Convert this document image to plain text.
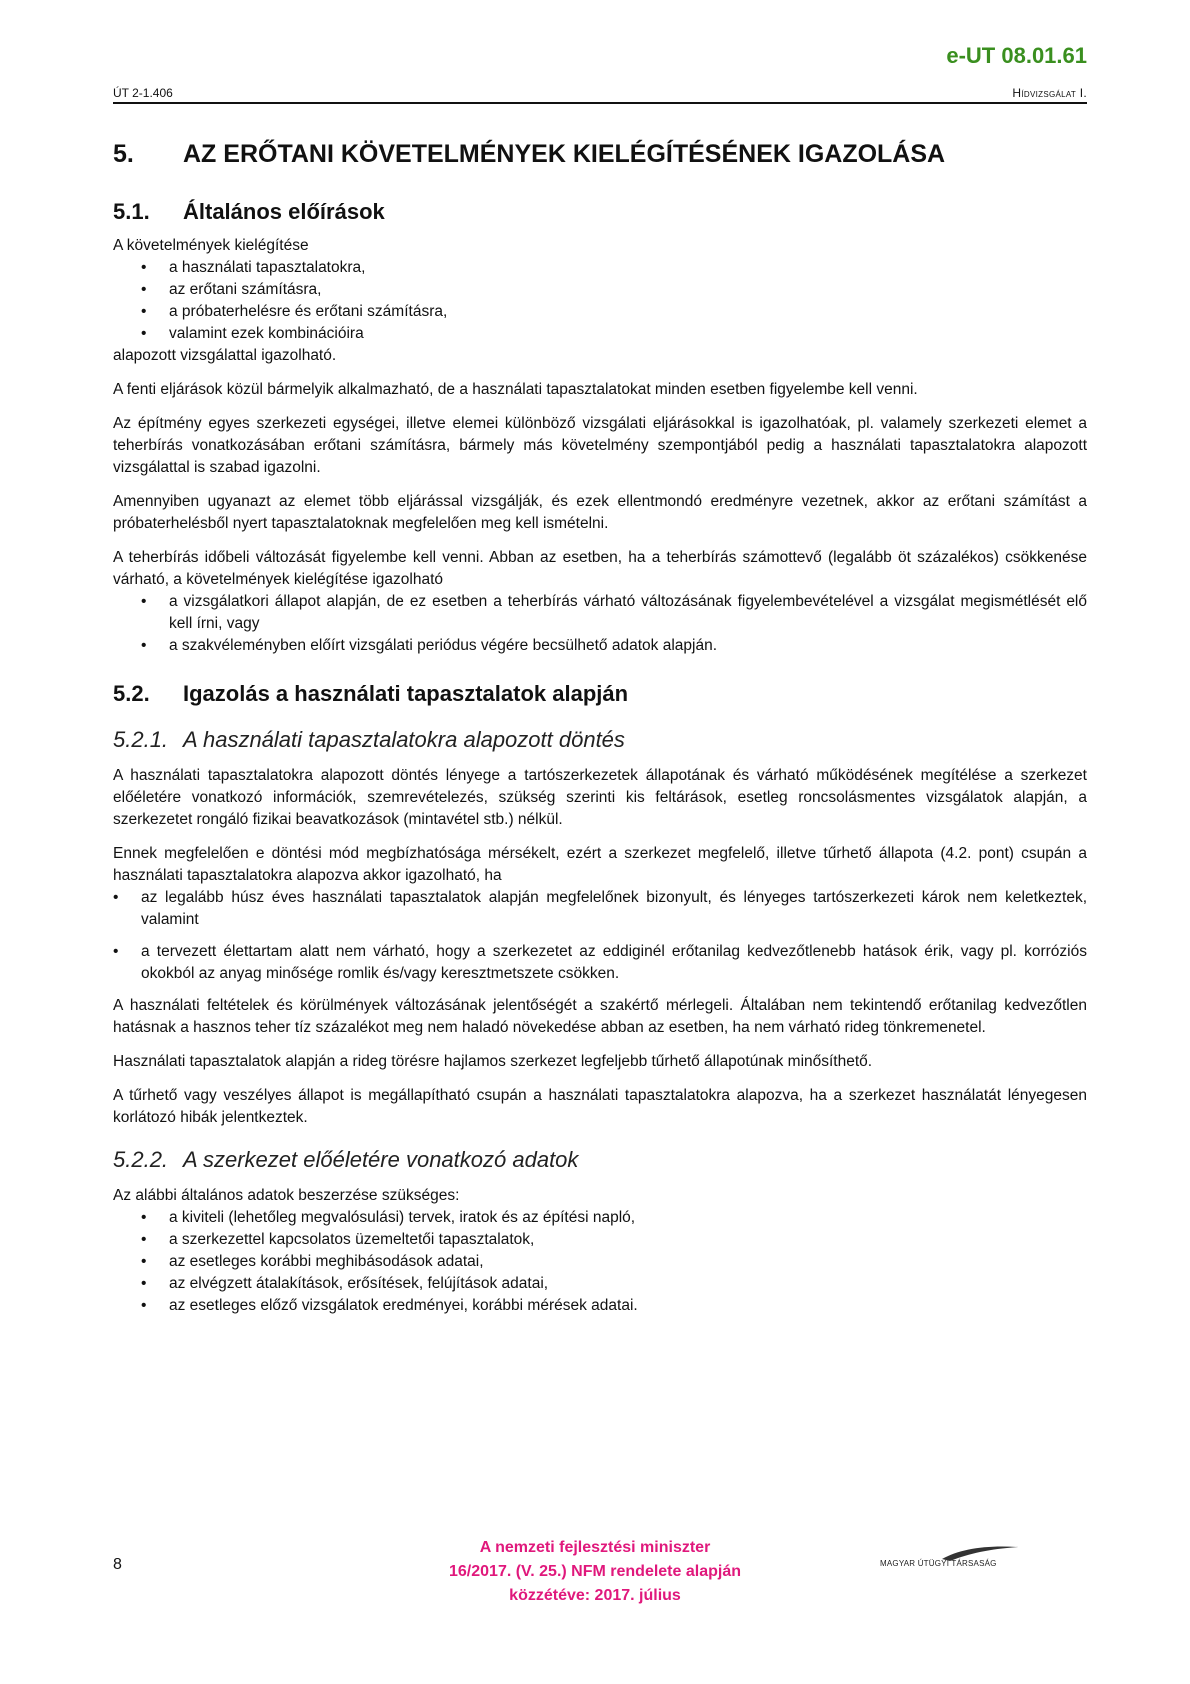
e-UT 08.01.61
ÚT 2-1.406	Hídvizsgálat I.
5.	AZ ERŐTANI KÖVETELMÉNYEK KIELÉGÍTÉSÉNEK IGAZOLÁSA
5.1.	Általános előírások

A követelmények kielégítése

• a használati tapasztalatokra,
• az erőtani számításra,
• a próbaterhelésre és erőtani számításra,
• valamint ezek kombinációira

alapozott vizsgálattal igazolható.

A fenti eljárások közül bármelyik alkalmazható, de a használati tapasztalatokat minden esetben figyelembe kell venni.

Az építmény egyes szerkezeti egységei, illetve elemei különböző vizsgálati eljárásokkal is igazolhatóak, pl. valamely szerkezeti elemet a teherbírás vonatkozásában erőtani számításra, bármely más követelmény szempontjából pedig a használati tapasztalatokra alapozott vizsgálattal is szabad igazolni.

Amennyiben ugyanazt az elemet több eljárással vizsgálják, és ezek ellentmondó eredményre vezetnek, akkor az erőtani számítást a próbaterhelésből nyert tapasztalatoknak megfelelően meg kell ismételni.

A teherbírás időbeli változását figyelembe kell venni. Abban az esetben, ha a teherbírás számottevő (legalább öt százalékos) csökkenése várható, a követelmények kielégítése igazolható

• a vizsgálatkori állapot alapján, de ez esetben a teherbírás várható változásának figyelembevételével a vizsgálat megismétlését elő kell írni, vagy
• a szakvéleményben előírt vizsgálati periódus végére becsülhető adatok alapján.
5.2.	Igazolás a használati tapasztalatok alapján
5.2.1. A használati tapasztalatokra alapozott döntés

A használati tapasztalatokra alapozott döntés lényege a tartószerkezetek állapotának és várható működésének megítélése a szerkezet előéletére vonatkozó információk, szemrevételezés, szükség szerinti kis feltárások, esetleg roncsolásmentes vizsgálatok alapján, a szerkezetet rongáló fizikai beavatkozások (mintavétel stb.) nélkül.

Ennek megfelelően e döntési mód megbízhatósága mérsékelt, ezért a szerkezet megfelelő, illetve tűrhető állapota (4.2. pont) csupán a használati tapasztalatokra alapozva akkor igazolható, ha

• az legalább húsz éves használati tapasztalatok alapján megfelelőnek bizonyult, és lényeges tartószerkezeti károk nem keletkeztek, valamint
• a tervezett élettartam alatt nem várható, hogy a szerkezetet az eddiginél erőtanilag kedvezőtlenebb hatások érik, vagy pl. korróziós okokból az anyag minősége romlik és/vagy keresztmetszete csökken.

A használati feltételek és körülmények változásának jelentőségét a szakértő mérlegeli. Általában nem tekintendő erőtanilag kedvezőtlen hatásnak a hasznos teher tíz százalékot meg nem haladó növekedése abban az esetben, ha nem várható rideg tönkremenetel.

Használati tapasztalatok alapján a rideg törésre hajlamos szerkezet legfeljebb tűrhető állapotúnak minősíthető.

A tűrhető vagy veszélyes állapot is megállapítható csupán a használati tapasztalatokra alapozva, ha a szerkezet használatát lényegesen korlátozó hibák jelentkeztek.

5.2.2. A szerkezet előéletére vonatkozó adatok

Az alábbi általános adatok beszerzése szükséges:

• a kiviteli (lehetőleg megvalósulási) tervek, iratok és az építési napló,
• a szerkezettel kapcsolatos üzemeltetői tapasztalatok,
• az esetleges korábbi meghibásodások adatai,
• az elvégzett átalakítások, erősítések, felújítások adatai,
• az esetleges előző vizsgálatok eredményei, korábbi mérések adatai.
8
A nemzeti fejlesztési miniszter
16/2017. (V. 25.) NFM rendelete alapján
közzétéve: 2017. július
MAGYAR ÚTÜGYI TÁRSASÁG
